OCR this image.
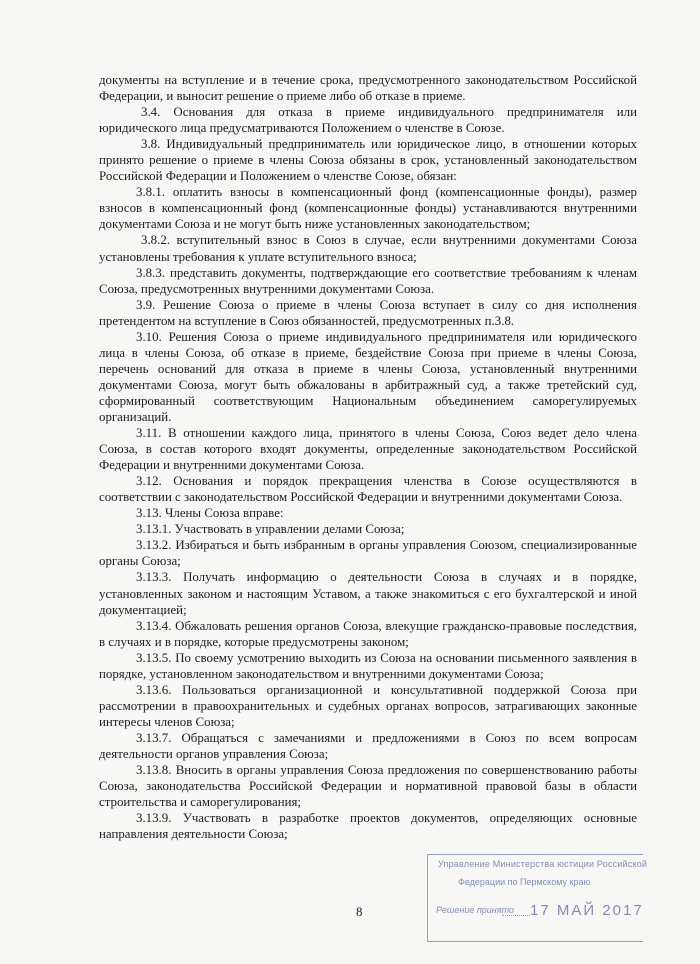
документы на вступление и в течение срока, предусмотренного законодательством Российской Федерации, и выносит решение о приеме либо об отказе в приеме.

3.4. Основания для отказа в приеме индивидуального предпринимателя или юридического лица предусматриваются Положением о членстве в Союзе.

3.8. Индивидуальный предприниматель или юридическое лицо, в отношении которых принято решение о приеме в члены Союза обязаны в срок, установленный законодательством Российской Федерации и Положением о членстве Союзе, обязан:

3.8.1. оплатить взносы в компенсационный фонд (компенсационные фонды), размер взносов в компенсационный фонд (компенсационные фонды) устанавливаются внутренними документами Союза и не могут быть ниже установленных законодательством;

3.8.2. вступительный взнос в Союз в случае, если внутренними документами Союза установлены требования к уплате вступительного взноса;

3.8.3. представить документы, подтверждающие его соответствие требованиям к членам Союза, предусмотренных внутренними документами Союза.

3.9. Решение Союза о приеме в члены Союза вступает в силу со дня исполнения претендентом на вступление в Союз обязанностей, предусмотренных п.3.8.

3.10. Решения Союза о приеме индивидуального предпринимателя или юридического лица в члены Союза, об отказе в приеме, бездействие Союза при приеме в члены Союза, перечень оснований для отказа в приеме в члены Союза, установленный внутренними документами Союза, могут быть обжалованы в арбитражный суд, а также третейский суд, сформированный соответствующим Национальным объединением саморегулируемых организаций.

3.11. В отношении каждого лица, принятого в члены Союза, Союз ведет дело члена Союза, в состав которого входят документы, определенные законодательством Российской Федерации и внутренними документами Союза.

3.12. Основания и порядок прекращения членства в Союзе осуществляются в соответствии с законодательством Российской Федерации и внутренними документами Союза.

3.13. Члены Союза вправе:

3.13.1. Участвовать в управлении делами Союза;

3.13.2. Избираться и быть избранным в органы управления Союзом, специализированные органы Союза;

3.13.3. Получать информацию о деятельности Союза в случаях и в порядке, установленных законом и настоящим Уставом, а также знакомиться с его бухгалтерской и иной документацией;

3.13.4. Обжаловать решения органов Союза, влекущие гражданско-правовые последствия, в случаях и в порядке, которые предусмотрены законом;

3.13.5. По своему усмотрению выходить из Союза на основании письменного заявления в порядке, установленном законодательством и внутренними документами Союза;

3.13.6. Пользоваться организационной и консультативной поддержкой Союза при рассмотрении в правоохранительных и судебных органах вопросов, затрагивающих законные интересы членов Союза;

3.13.7. Обращаться с замечаниями и предложениями в Союз по всем вопросам деятельности органов управления Союза;

3.13.8. Вносить в органы управления Союза предложения по совершенствованию работы Союза, законодательства Российской Федерации и нормативной правовой базы в области строительства и саморегулирования;

3.13.9. Участвовать в разработке проектов документов, определяющих основные направления деятельности Союза;

8
Управление Министерства юстиции Российской
Федерации по Пермскому краю
Решение принято 17 МАЙ 2017
